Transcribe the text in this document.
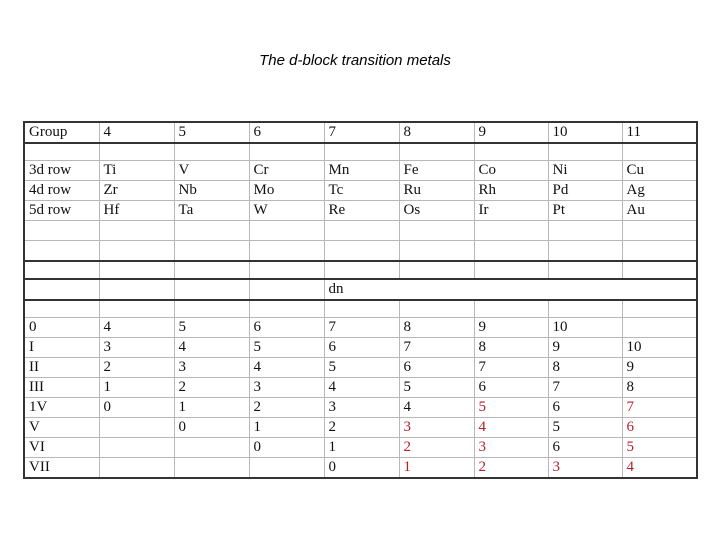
The d-block transition metals
Group	4	5	6	7	8	9	10	11

3d row	Ti	V	Cr	Mn	Fe	Co	Ni	Cu
4d row	Zr	Nb	Mo	Tc	Ru	Rh	Pd	Ag
5d row	Hf	Ta	W	Re	Os	Ir	Pt	Au

				dn				

0	4	5	6	7	8	9	10	
I	3	4	5	6	7	8	9	10
II	2	3	4	5	6	7	8	9
III	1	2	3	4	5	6	7	8
1V	0	1	2	3	4	5	6	7
V		0	1	2	3	4	5	6
VI			0	1	2	3	6	5
VII				0	1	2	3	4
